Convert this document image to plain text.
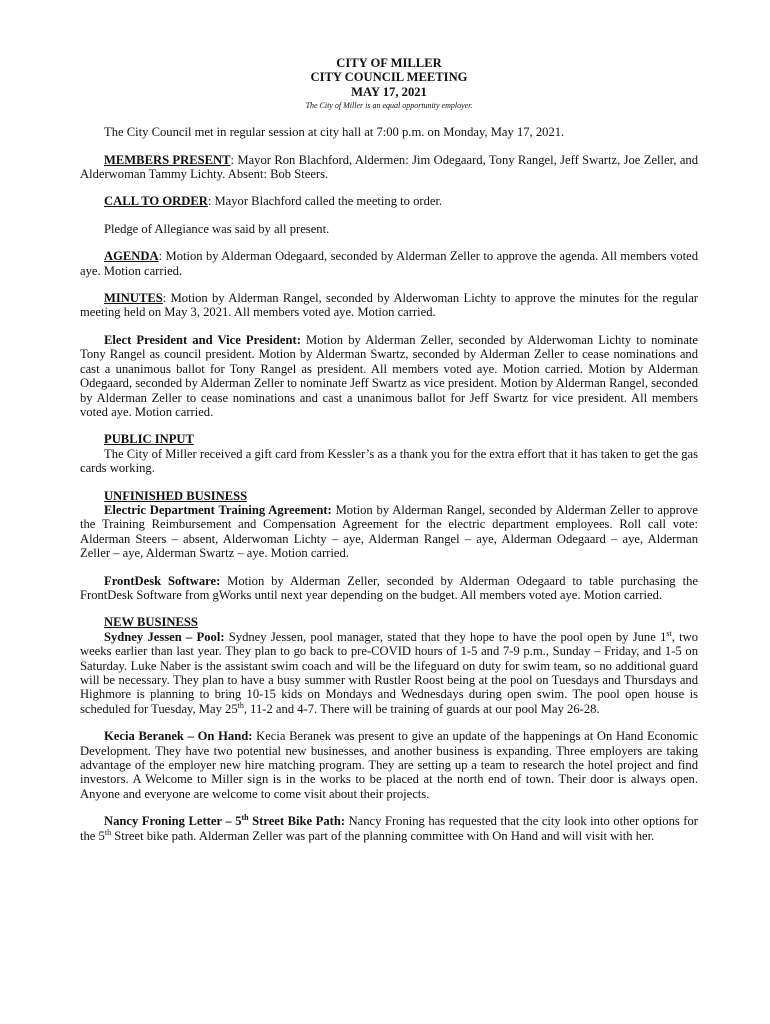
CITY OF MILLER
CITY COUNCIL MEETING
MAY 17, 2021
The City of Miller is an equal opportunity employer.

The City Council met in regular session at city hall at 7:00 p.m. on Monday, May 17, 2021.

MEMBERS PRESENT: Mayor Ron Blachford, Aldermen: Jim Odegaard, Tony Rangel, Jeff Swartz, Joe Zeller, and Alderwoman Tammy Lichty. Absent: Bob Steers.

CALL TO ORDER: Mayor Blachford called the meeting to order.

Pledge of Allegiance was said by all present.

AGENDA: Motion by Alderman Odegaard, seconded by Alderman Zeller to approve the agenda. All members voted aye. Motion carried.

MINUTES: Motion by Alderman Rangel, seconded by Alderwoman Lichty to approve the minutes for the regular meeting held on May 3, 2021. All members voted aye. Motion carried.

Elect President and Vice President: Motion by Alderman Zeller, seconded by Alderwoman Lichty to nominate Tony Rangel as council president. Motion by Alderman Swartz, seconded by Alderman Zeller to cease nominations and cast a unanimous ballot for Tony Rangel as president. All members voted aye. Motion carried. Motion by Alderman Odegaard, seconded by Alderman Zeller to nominate Jeff Swartz as vice president. Motion by Alderman Rangel, seconded by Alderman Zeller to cease nominations and cast a unanimous ballot for Jeff Swartz for vice president. All members voted aye. Motion carried.

PUBLIC INPUT

The City of Miller received a gift card from Kessler’s as a thank you for the extra effort that it has taken to get the gas cards working.

UNFINISHED BUSINESS

Electric Department Training Agreement: Motion by Alderman Rangel, seconded by Alderman Zeller to approve the Training Reimbursement and Compensation Agreement for the electric department employees. Roll call vote: Alderman Steers – absent, Alderwoman Lichty – aye, Alderman Rangel – aye, Alderman Odegaard – aye, Alderman Zeller – aye, Alderman Swartz – aye. Motion carried.

FrontDesk Software: Motion by Alderman Zeller, seconded by Alderman Odegaard to table purchasing the FrontDesk Software from gWorks until next year depending on the budget. All members voted aye. Motion carried.

NEW BUSINESS

Sydney Jessen – Pool: Sydney Jessen, pool manager, stated that they hope to have the pool open by June 1st, two weeks earlier than last year. They plan to go back to pre-COVID hours of 1-5 and 7-9 p.m., Sunday – Friday, and 1-5 on Saturday. Luke Naber is the assistant swim coach and will be the lifeguard on duty for swim team, so no additional guard will be necessary. They plan to have a busy summer with Rustler Roost being at the pool on Tuesdays and Thursdays and Highmore is planning to bring 10-15 kids on Mondays and Wednesdays during open swim. The pool open house is scheduled for Tuesday, May 25th, 11-2 and 4-7. There will be training of guards at our pool May 26-28.

Kecia Beranek – On Hand: Kecia Beranek was present to give an update of the happenings at On Hand Economic Development. They have two potential new businesses, and another business is expanding. Three employers are taking advantage of the employer new hire matching program. They are setting up a team to research the hotel project and find investors. A Welcome to Miller sign is in the works to be placed at the north end of town. Their door is always open. Anyone and everyone are welcome to come visit about their projects.

Nancy Froning Letter – 5th Street Bike Path: Nancy Froning has requested that the city look into other options for the 5th Street bike path. Alderman Zeller was part of the planning committee with On Hand and will visit with her.
